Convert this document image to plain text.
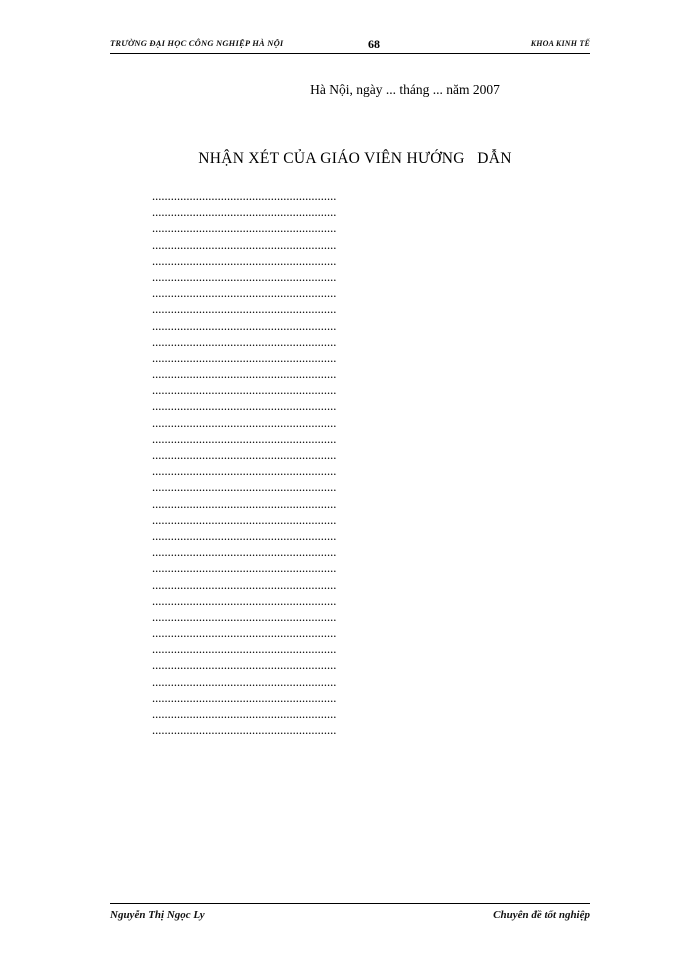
TRƯỜNG ĐẠI HỌC CÔNG NGHIỆP HÀ NỘI	68	KHOA KINH TẾ
Hà Nội, ngày ... tháng ... năm 2007
NHẬN XÉT CỦA GIÁO VIÊN HƯỚNG   DẪN
...........................................................
...........................................................
...........................................................
...........................................................
...........................................................
...........................................................
...........................................................
...........................................................
...........................................................
...........................................................
...........................................................
...........................................................
...........................................................
...........................................................
...........................................................
...........................................................
...........................................................
...........................................................
...........................................................
...........................................................
...........................................................
...........................................................
...........................................................
...........................................................
...........................................................
...........................................................
...........................................................
...........................................................
...........................................................
...........................................................
...........................................................
...........................................................
...........................................................
...........................................................
Nguyễn Thị Ngọc Ly	Chuyên đề tốt nghiệp
